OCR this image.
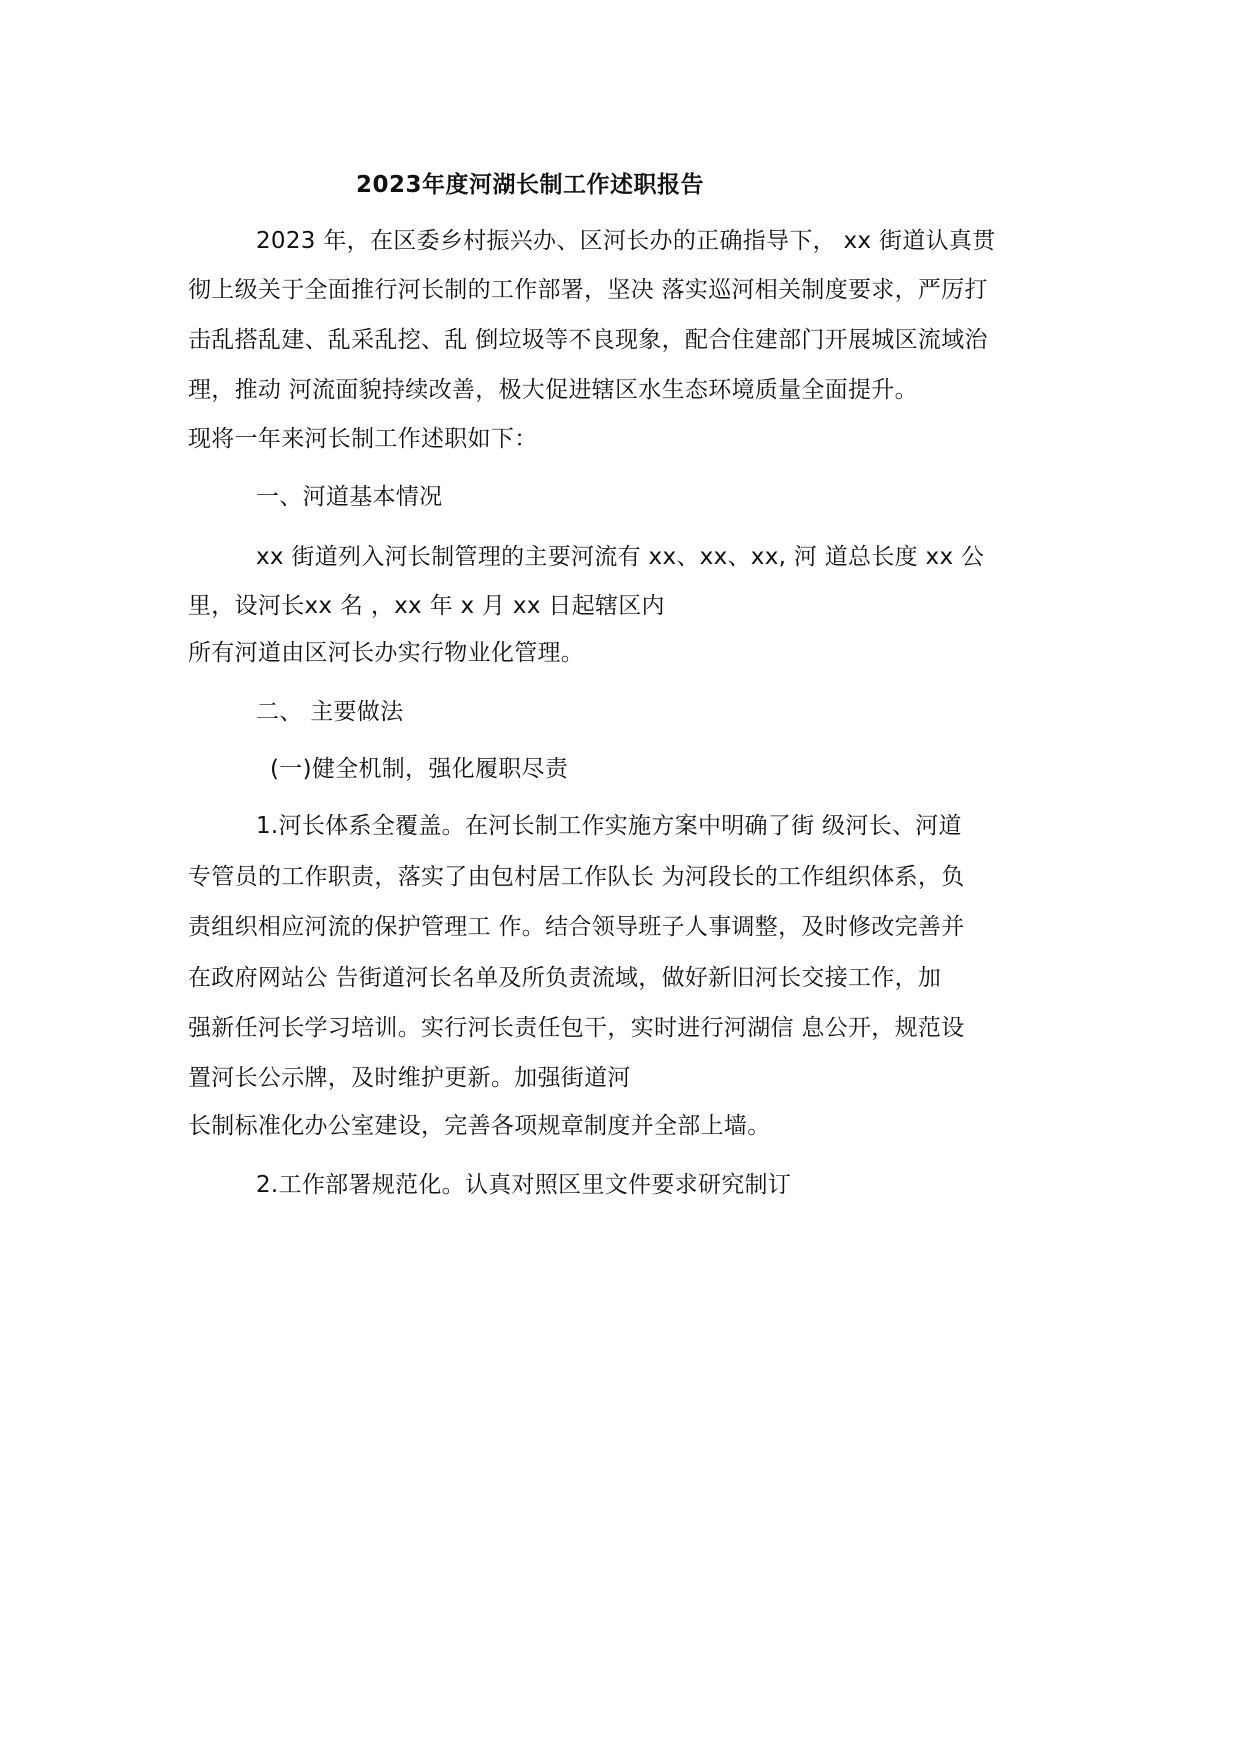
2023年度河湖长制工作述职报告
2023 年，在区委乡村振兴办、区河长办的正确指导下， xx 街道认真贯
彻上级关于全面推行河长制的工作部署，坚决 落实巡河相关制度要求，严厉打
击乱搭乱建、乱采乱挖、乱 倒垃圾等不良现象，配合住建部门开展城区流域治
理，推动 河流面貌持续改善，极大促进辖区水生态环境质量全面提升。
现将一年来河长制工作述职如下：
一、河道基本情况
xx 街道列入河长制管理的主要河流有 xx、xx、xx, 河 道总长度 xx 公
里，设河长xx 名 ，xx 年 x 月 xx 日起辖区内
所有河道由区河长办实行物业化管理。
二、 主要做法
(一)健全机制，强化履职尽责
1.河长体系全覆盖。在河长制工作实施方案中明确了街 级河长、河道
专管员的工作职责，落实了由包村居工作队长 为河段长的工作组织体系，负
责组织相应河流的保护管理工 作。结合领导班子人事调整，及时修改完善并
在政府网站公 告街道河长名单及所负责流域，做好新旧河长交接工作，加
强新任河长学习培训。实行河长责任包干，实时进行河湖信 息公开，规范设
置河长公示牌，及时维护更新。加强街道河
长制标准化办公室建设，完善各项规章制度并全部上墙。
2.工作部署规范化。认真对照区里文件要求研究制订
